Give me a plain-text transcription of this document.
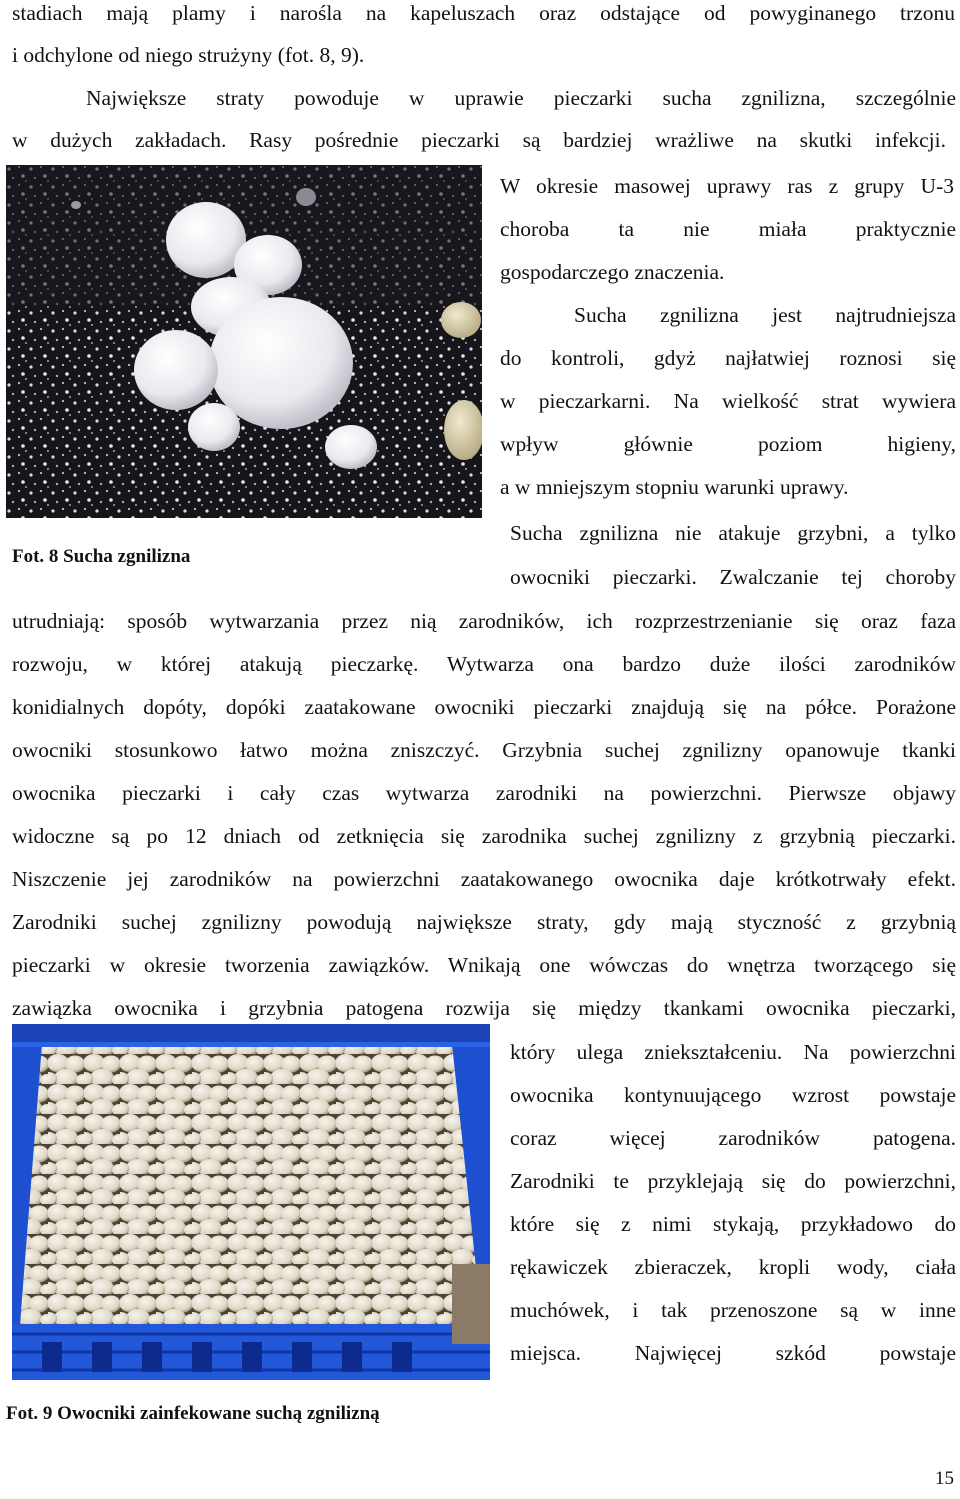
Fot. 8 Sucha zgnilizna
Fot. 9 Owocniki zainfekowane suchą zgnilizną
stadiach mają plamy i narośla na kapeluszach oraz odstające od powyginanego trzonu
i odchylone od niego strużyny (fot. 8, 9).
Największe straty powoduje w uprawie pieczarki sucha zgnilizna, szczególnie
w dużych zakładach. Rasy pośrednie pieczarki są bardziej wrażliwe na skutki infekcji.
W okresie masowej uprawy ras z grupy U-3
choroba ta nie miała praktycznie
gospodarczego znaczenia.
Sucha zgnilizna jest najtrudniejsza
do kontroli, gdyż najłatwiej roznosi się
w pieczarkarni. Na wielkość strat wywiera
wpływ głównie poziom higieny,
a w mniejszym stopniu warunki uprawy.
Sucha zgnilizna nie atakuje grzybni, a tylko
owocniki pieczarki. Zwalczanie tej choroby
utrudniają: sposób wytwarzania przez nią zarodników, ich rozprzestrzenianie się oraz faza
rozwoju, w której atakują pieczarkę. Wytwarza ona bardzo duże ilości zarodników
konidialnych dopóty, dopóki zaatakowane owocniki pieczarki znajdują się na półce. Porażone
owocniki stosunkowo łatwo można zniszczyć. Grzybnia suchej zgnilizny opanowuje tkanki
owocnika pieczarki i cały czas wytwarza zarodniki na powierzchni. Pierwsze objawy
widoczne są po 12 dniach od zetknięcia się zarodnika suchej zgnilizny z grzybnią pieczarki.
Niszczenie jej zarodników na powierzchni zaatakowanego owocnika daje krótkotrwały efekt.
Zarodniki suchej zgnilizny powodują największe straty, gdy mają styczność z grzybnią
pieczarki w okresie tworzenia zawiązków. Wnikają one wówczas do wnętrza tworzącego się
zawiązka owocnika i grzybnia patogena rozwija się między tkankami owocnika pieczarki,
który ulega zniekształceniu. Na powierzchni
owocnika kontynuującego wzrost powstaje
coraz więcej zarodników patogena.
Zarodniki te przyklejają się do powierzchni,
które się z nimi stykają, przykładowo do
rękawiczek zbieraczek, kropli wody, ciała
muchówek, i tak przenoszone są w inne
miejsca. Najwięcej szkód powstaje
15
